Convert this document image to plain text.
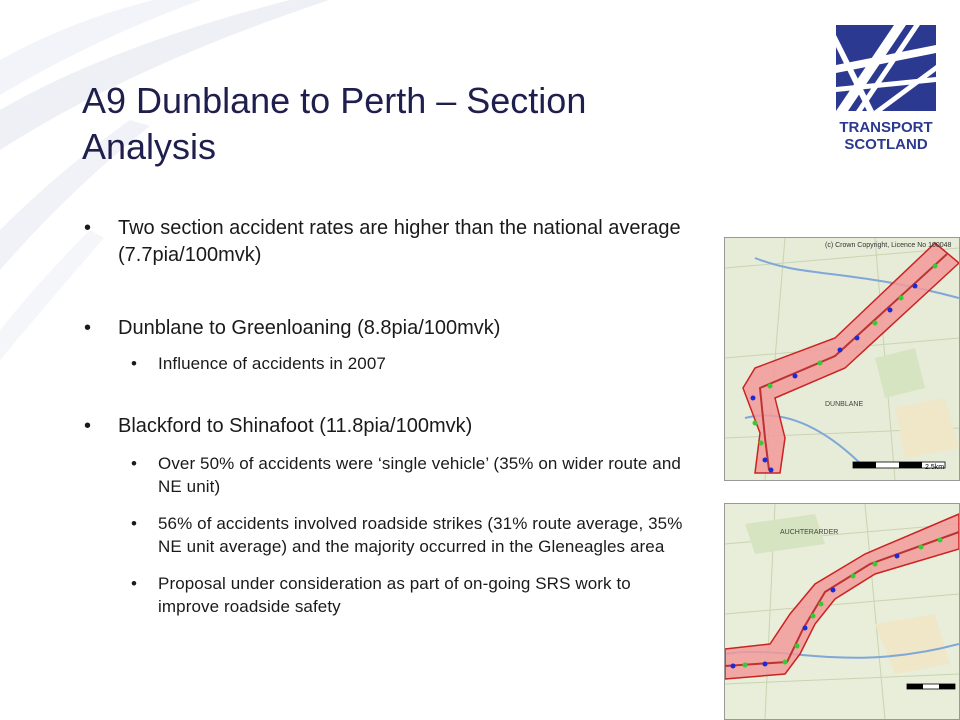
A9 Dunblane to Perth – Section Analysis
• Two section accident rates are higher than the national average (7.7pia/100mvk)
• Dunblane to Greenloaning (8.8pia/100mvk)
• Influence of accidents in 2007
• Blackford to Shinafoot (11.8pia/100mvk)
• Over 50% of accidents were ‘single vehicle’ (35% on wider route and NE unit)
• 56% of accidents involved roadside strikes (31% route average, 35% NE unit average) and the majority occurred in the Gleneagles area
• Proposal under consideration as part of on-going SRS work to improve roadside safety
TRANSPORT
SCOTLAND
DUNBLANE
(c) Crown Copyright, Licence No 100048
2.5km
AUCHTERARDER
